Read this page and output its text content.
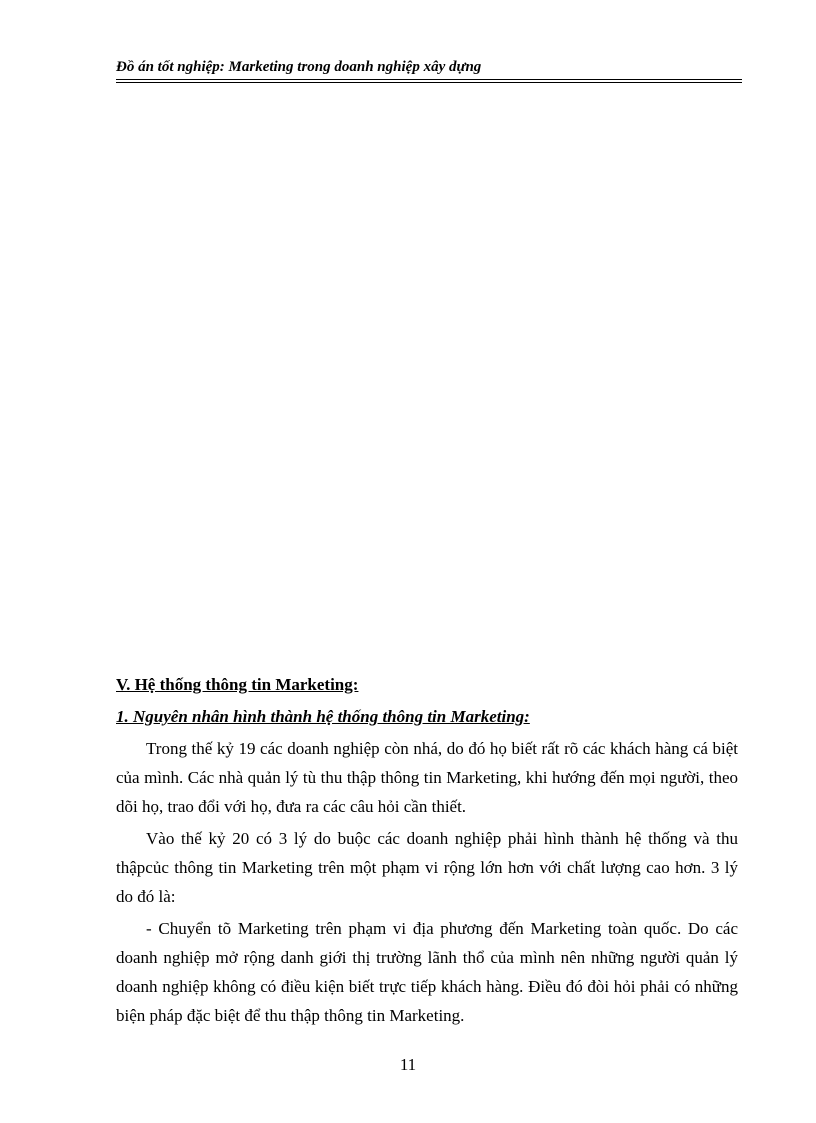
Đồ án tốt nghiệp: Marketing trong doanh nghiệp xây dựng
V. Hệ thống thông tin Marketing:
1. Nguyên nhân hình thành hệ thống thông tin Marketing:

Trong thế kỷ 19 các doanh nghiệp còn nhá, do đó họ biết rất rõ các khách hàng cá biệt của mình. Các nhà quản lý tù thu thập thông tin Marketing, khi hướng đến mọi người, theo dõi họ, trao đổi với họ, đưa ra các câu hỏi cần thiết.

Vào thế kỷ 20 có 3 lý do buộc các doanh nghiệp phải hình thành hệ thống và thu thậpcủc thông tin Marketing trên một phạm vi rộng lớn hơn với chất lượng cao hơn. 3 lý do đó là:

- Chuyển tõ Marketing trên phạm vi địa phương đến Marketing toàn quốc. Do các doanh nghiệp mở rộng danh giới thị trường lãnh thổ của mình nên những người quản lý doanh nghiệp không có điều kiện biết trực tiếp khách hàng. Điều đó đòi hỏi phải có những biện pháp đặc biệt để thu thập thông tin Marketing.

11
